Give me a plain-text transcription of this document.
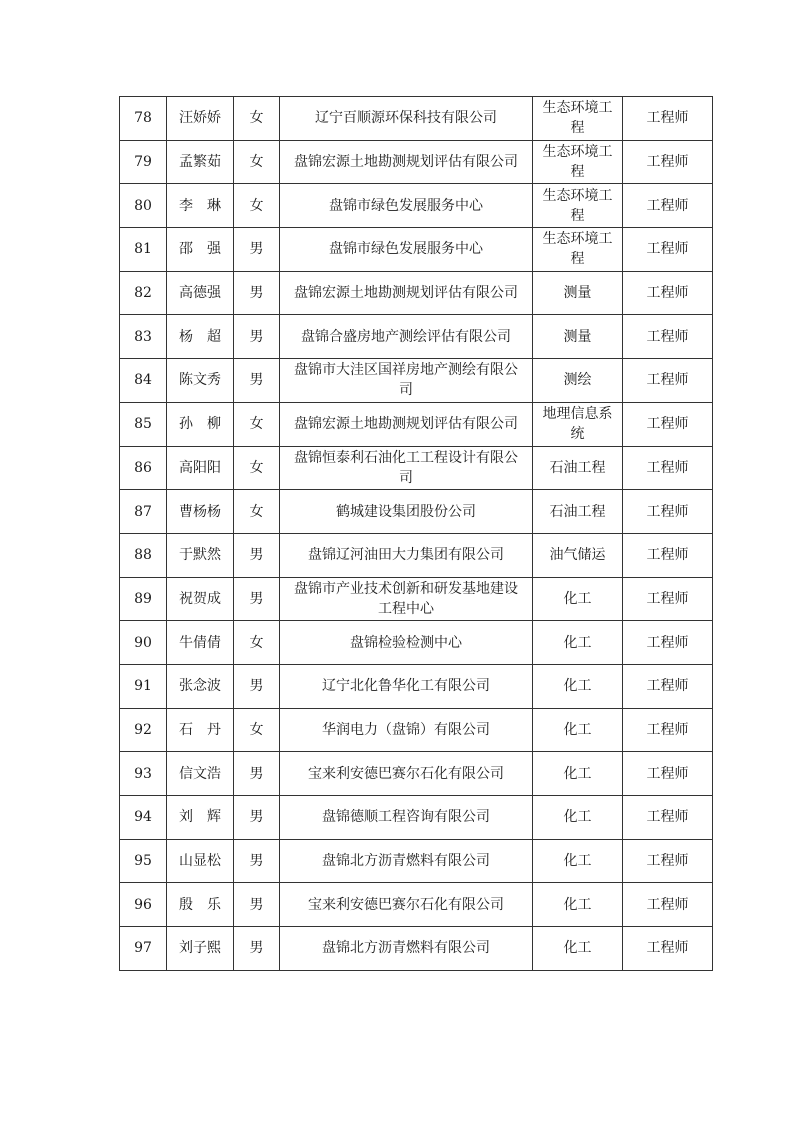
78	汪娇娇	女	辽宁百顺源环保科技有限公司	生态环境工程	工程师
79	孟繁茹	女	盘锦宏源土地勘测规划评估有限公司	生态环境工程	工程师
80	李　琳	女	盘锦市绿色发展服务中心	生态环境工程	工程师
81	邵　强	男	盘锦市绿色发展服务中心	生态环境工程	工程师
82	高德强	男	盘锦宏源土地勘测规划评估有限公司	测量	工程师
83	杨　超	男	盘锦合盛房地产测绘评估有限公司	测量	工程师
84	陈文秀	男	盘锦市大洼区国祥房地产测绘有限公司	测绘	工程师
85	孙　柳	女	盘锦宏源土地勘测规划评估有限公司	地理信息系统	工程师
86	高阳阳	女	盘锦恒泰利石油化工工程设计有限公司	石油工程	工程师
87	曹杨杨	女	鹤城建设集团股份公司	石油工程	工程师
88	于默然	男	盘锦辽河油田大力集团有限公司	油气储运	工程师
89	祝贺成	男	盘锦市产业技术创新和研发基地建设工程中心	化工	工程师
90	牛倩倩	女	盘锦检验检测中心	化工	工程师
91	张念波	男	辽宁北化鲁华化工有限公司	化工	工程师
92	石　丹	女	华润电力（盘锦）有限公司	化工	工程师
93	信文浩	男	宝来利安德巴赛尔石化有限公司	化工	工程师
94	刘　辉	男	盘锦德顺工程咨询有限公司	化工	工程师
95	山显松	男	盘锦北方沥青燃料有限公司	化工	工程师
96	殷　乐	男	宝来利安德巴赛尔石化有限公司	化工	工程师
97	刘子熙	男	盘锦北方沥青燃料有限公司	化工	工程师
